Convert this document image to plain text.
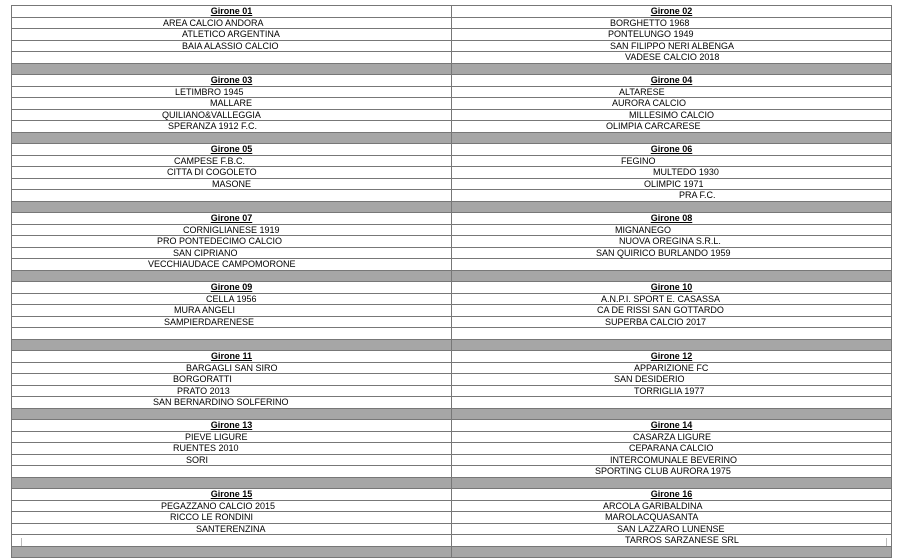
Girone 01	Girone 02

AREA CALCIO ANDORA	BORGHETTO 1968

ATLETICO ARGENTINA	PONTELUNGO 1949

BAIA ALASSIO CALCIO	SAN FILIPPO NERI ALBENGA

	VADESE CALCIO 2018

Girone 03	Girone 04

LETIMBRO 1945	ALTARESE

MALLARE	AURORA CALCIO

QUILIANO&VALLEGGIA	MILLESIMO CALCIO

SPERANZA 1912 F.C.	OLIMPIA CARCARESE

Girone 05	Girone 06

CAMPESE F.B.C.	FEGINO

CITTA DI COGOLETO	MULTEDO 1930

MASONE	OLIMPIC 1971

	PRA F.C.

Girone 07	Girone 08

CORNIGLIANESE 1919	MIGNANEGO

PRO PONTEDECIMO CALCIO	NUOVA OREGINA S.R.L.

SAN CIPRIANO	SAN QUIRICO BURLANDO 1959

VECCHIAUDACE CAMPOMORONE	

Girone 09	Girone 10

CELLA 1956	A.N.P.I. SPORT E. CASASSA

MURA ANGELI	CA DE RISSI SAN GOTTARDO

SAMPIERDARENESE	SUPERBA CALCIO 2017

Girone 11	Girone 12

BARGAGLI SAN SIRO	APPARIZIONE FC

BORGORATTI	SAN DESIDERIO

PRATO 2013	TORRIGLIA 1977

SAN BERNARDINO SOLFERINO	

Girone 13	Girone 14

PIEVE LIGURE	CASARZA LIGURE

RUENTES 2010	CEPARANA CALCIO

SORI	INTERCOMUNALE BEVERINO

	SPORTING CLUB AURORA 1975

Girone 15	Girone 16

PEGAZZANO CALCIO 2015	ARCOLA GARIBALDINA

RICCO LE RONDINI	MAROLACQUASANTA

SANTERENZINA	SAN LAZZARO LUNENSE

	TARROS SARZANESE SRL
